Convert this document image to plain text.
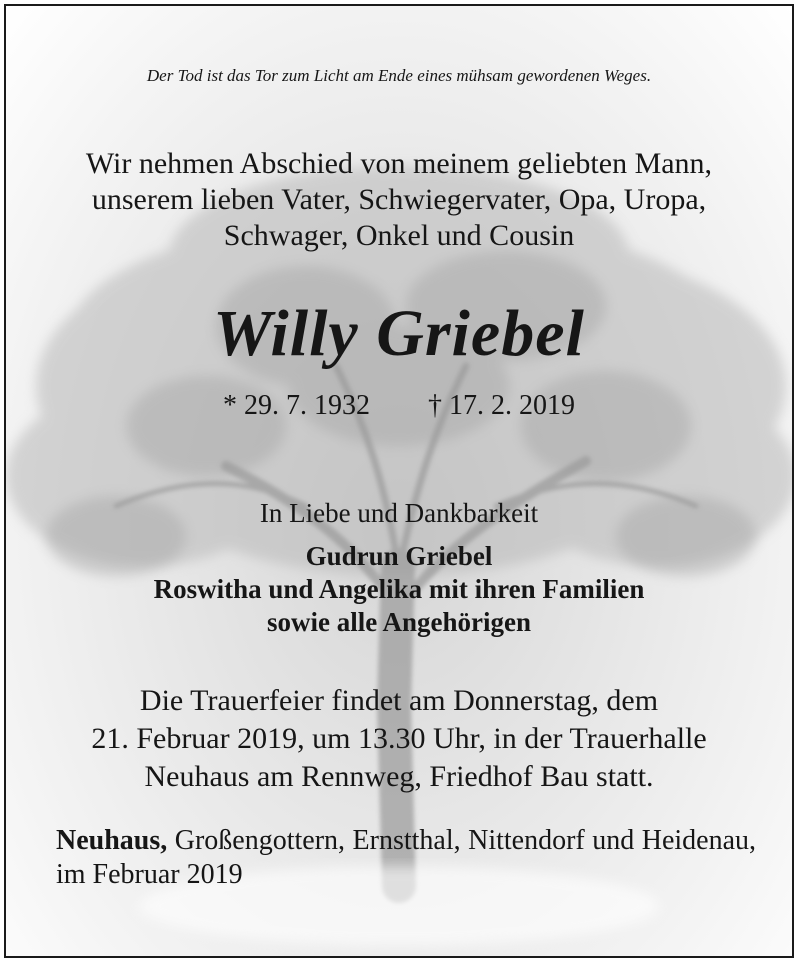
Der Tod ist das Tor zum Licht am Ende eines mühsam gewordenen Weges.
Wir nehmen Abschied von meinem geliebten Mann,
unserem lieben Vater, Schwiegervater, Opa, Uropa,
Schwager, Onkel und Cousin
Willy Griebel
* 29. 7. 1932 † 17. 2. 2019
In Liebe und Dankbarkeit
Gudrun Griebel
Roswitha und Angelika mit ihren Familien
sowie alle Angehörigen
Die Trauerfeier findet am Donnerstag, dem
21. Februar 2019, um 13.30 Uhr, in der Trauerhalle
Neuhaus am Rennweg, Friedhof Bau statt.
Neuhaus, Großengottern, Ernstthal, Nittendorf und Heidenau, im Februar 2019
